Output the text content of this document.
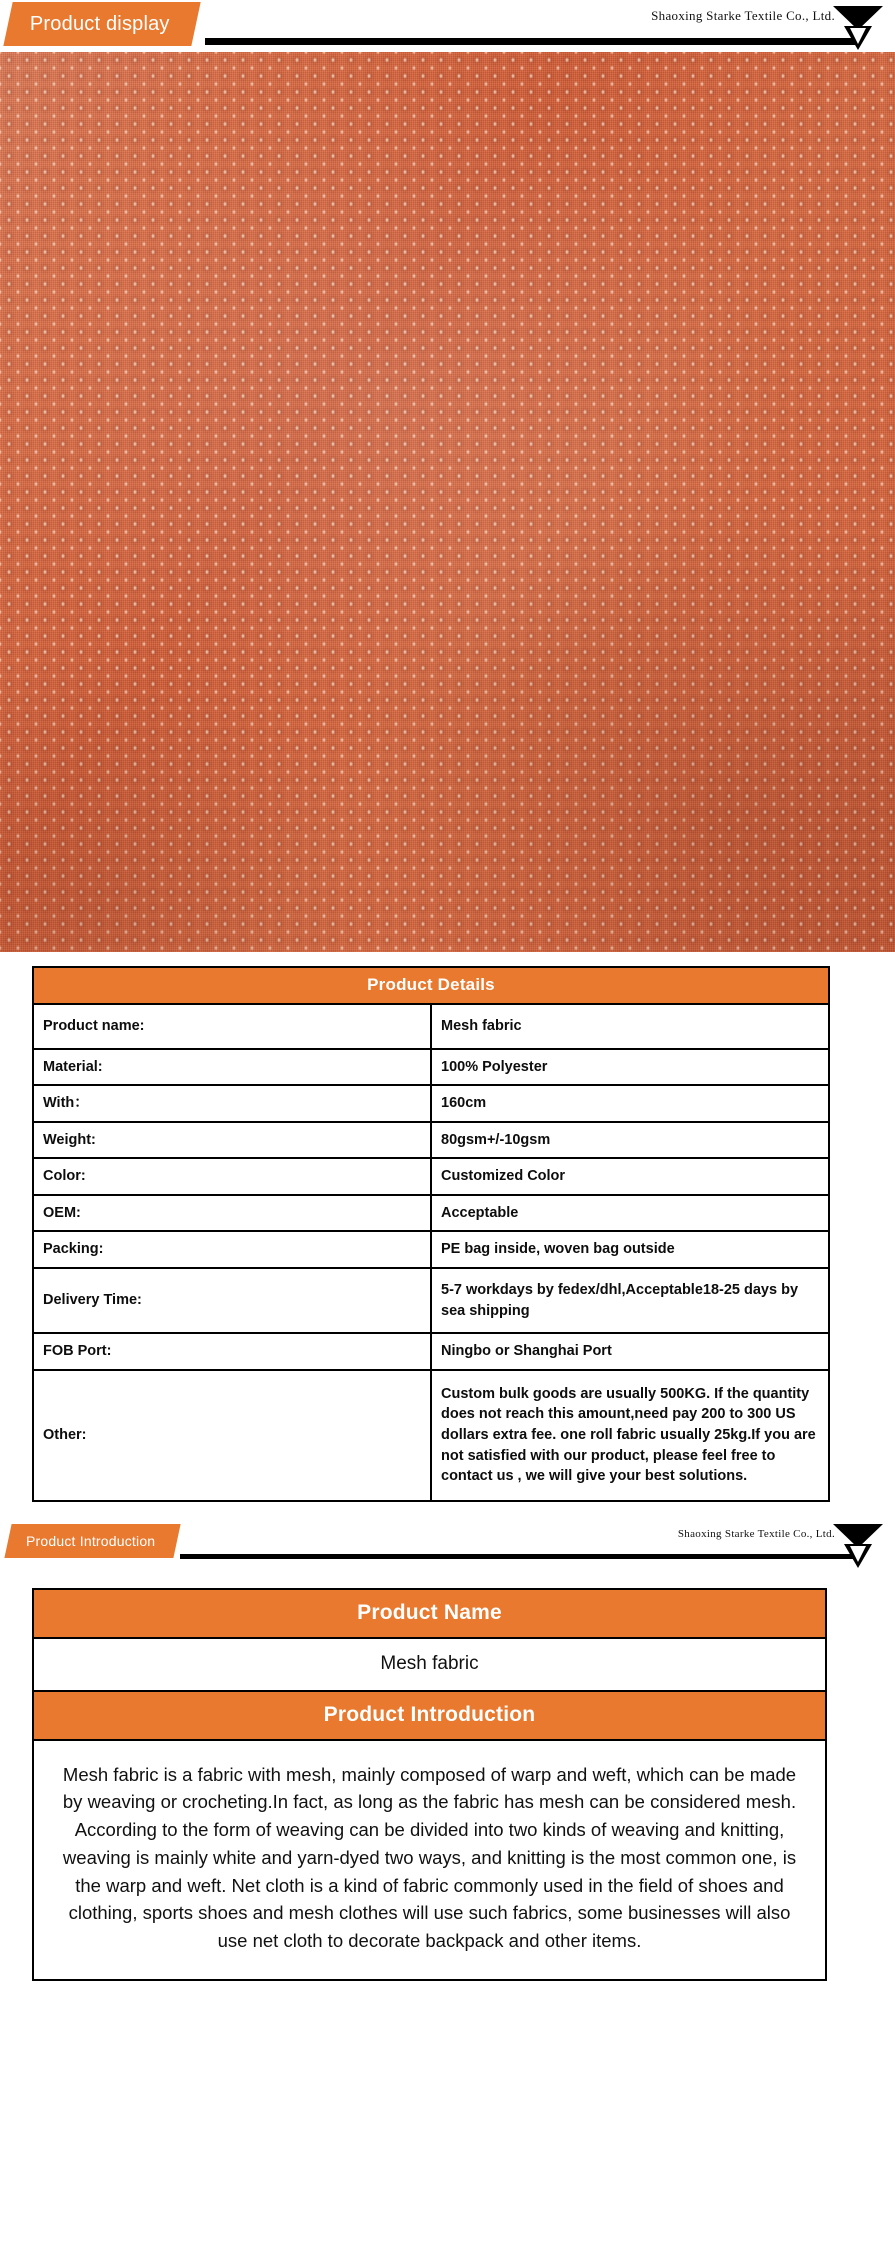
Product display	Shaoxing Starke Textile Co., Ltd.
Product Details	
Product name:	Mesh fabric
Material:	100% Polyester
With：	160cm
Weight:	80gsm+/-10gsm
Color:	Customized Color
OEM:	Acceptable
Packing:	PE bag inside, woven bag outside
Delivery Time:	5-7 workdays by fedex/dhl,Acceptable18-25 days by sea shipping
FOB Port:	Ningbo or Shanghai Port
Other:	Custom bulk goods are usually 500KG. If the quantity does not reach this amount,need pay 200 to 300 US dollars extra fee. one roll fabric usually 25kg.If you are not satisfied with our product, please feel free to contact us , we will give your best solutions.
Product Introduction	Shaoxing Starke Textile Co., Ltd.
Product Name
Mesh fabric
Product Introduction

Mesh fabric is a fabric with mesh, mainly composed of warp and weft, which can be made by weaving or crocheting.In fact, as long as the fabric has mesh can be considered mesh. According to the form of weaving can be divided into two kinds of weaving and knitting, weaving is mainly white and yarn-dyed two ways, and knitting is the most common one, is the warp and weft. Net cloth is a kind of fabric commonly used in the field of shoes and clothing, sports shoes and mesh clothes will use such fabrics, some businesses will also use net cloth to decorate backpack and other items.
